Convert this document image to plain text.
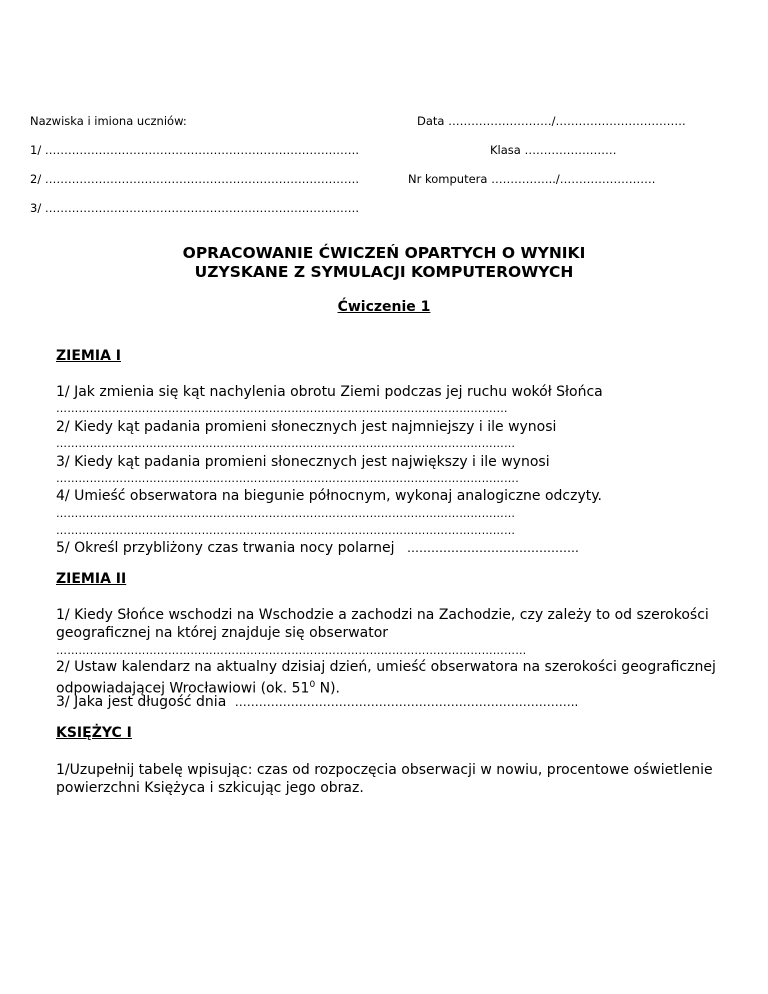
Nazwiska i imiona uczniów:	Data ………………………/…………………………….
1/ ……………………………………………………………………….	Klasa ……………………
2/ ……………………………………………………………………….	Nr komputera ……………../…………………….
3/ ……………………………………………………………………….
OPRACOWANIE ĆWICZEŃ OPARTYCH O WYNIKI
UZYSKANE Z SYMULACJI KOMPUTEROWYCH
Ćwiczenie 1
ZIEMIA I
1/ Jak zmienia się kąt nachylenia obrotu Ziemi podczas jej ruchu wokół Słońca
……………………………………………………………………………………………………….…
2/ Kiedy kąt padania promieni słonecznych jest najmniejszy i ile wynosi
……………………………………………………………………………………………………………
3/ Kiedy kąt padania promieni słonecznych jest największy i ile wynosi
…………………………………………………………………………………………………………….
4/ Umieść obserwatora na biegunie północnym, wykonaj analogiczne odczyty.
……………………………………………………………………………………………………………
……………………………………………………………………………………………………………
5/ Określ przybliżony czas trwania nocy polarnej …………………………………….
ZIEMIA II
1/ Kiedy Słońce wschodzi na Wschodzie a zachodzi na Zachodzie, czy zależy to od szerokości
geograficznej na której znajduje się obserwator
………………………………………………………………………………………………………………
2/ Ustaw kalendarz na aktualny dzisiaj dzień, umieść obserwatora na szerokości geograficznej
odpowiadającej Wrocławiowi (ok. $51^0$ N).
3/ Jaka jest długość dnia …………………………………………………………………………..
KSIĘŻYC I
1/Uzupełnij tabelę wpisując: czas od rozpoczęcia obserwacji w nowiu, procentowe oświetlenie
powierzchni Księżyca i szkicując jego obraz.
